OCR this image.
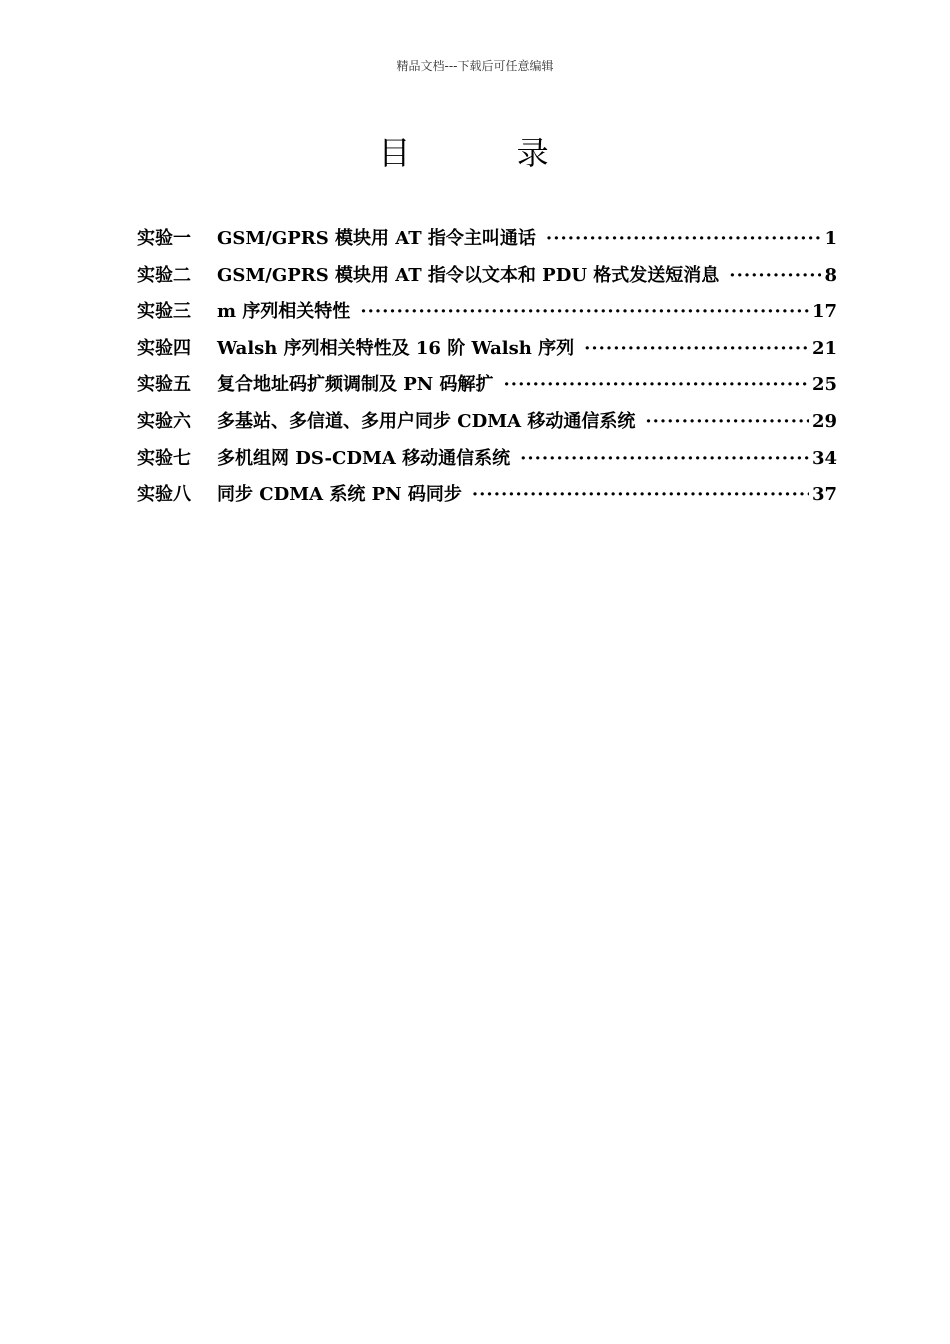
精品文档---下载后可任意编辑
目 录
实验一	GSM/GPRS 模块用 AT 指令主叫通话 ·····	1
实验二	GSM/GPRS 模块用 AT 指令以文本和 PDU 格式发送短消息 ·····	8
实验三	m 序列相关特性 ·····	17
实验四	Walsh 序列相关特性及 16 阶 Walsh 序列 ·····	21
实验五	复合地址码扩频调制及 PN 码解扩 ·····	25
实验六	多基站、多信道、多用户同步 CDMA 移动通信系统 ·····	29
实验七	多机组网 DS-CDMA 移动通信系统 ·····	34
实验八	同步 CDMA 系统 PN 码同步 ·····	37
